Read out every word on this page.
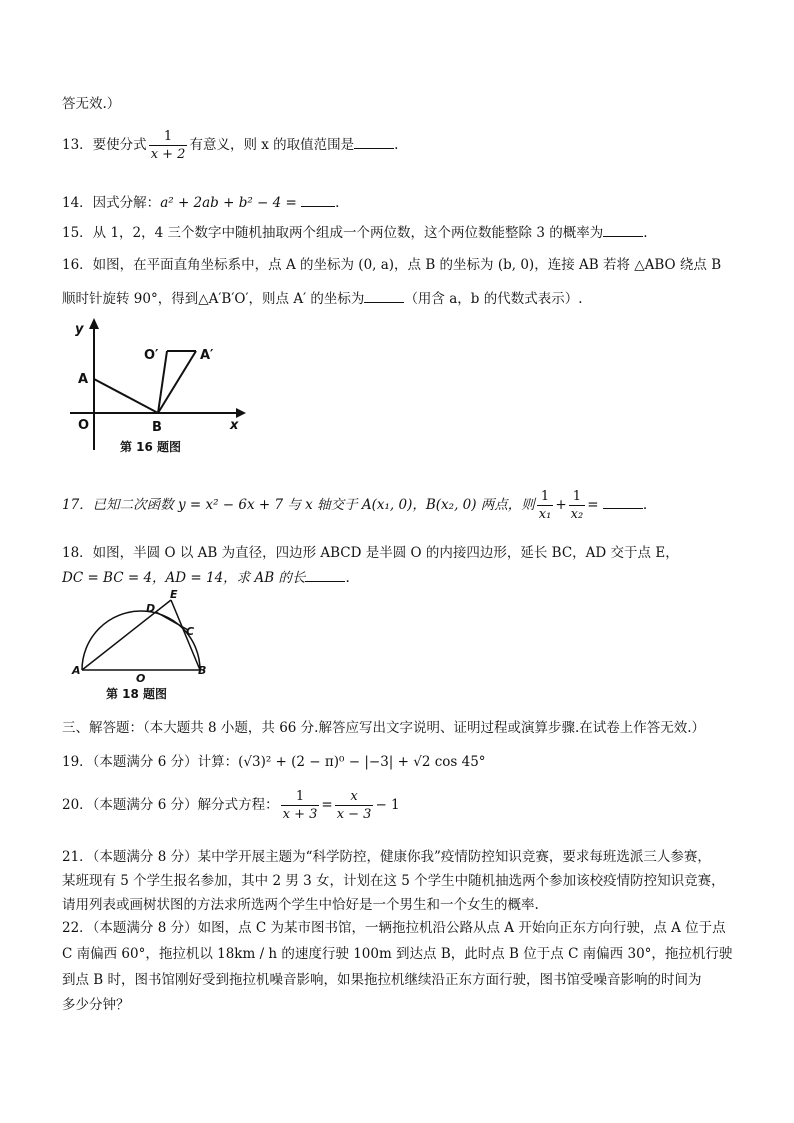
答无效.）
13．要使分式 $\frac{1}{x + 2}$ 有意义，则 x 的取值范围是	.
14．因式分解：a² + 2ab + b² − 4 =	.
15．从 1，2，4 三个数字中随机抽取两个组成一个两位数，这个两位数能整除 3 的概率为	.
16．如图，在平面直角坐标系中，点 A 的坐标为 (0, a)，点 B 的坐标为 (b, 0)，连接 AB 若将 △ABO 绕点 B
顺时针旋转 90°，得到△A′B′O′，则点 A′ 的坐标为	（用含 a，b 的代数式表示）.
y
x
A
O	B
O′	A′
第 16 题图
17．已知二次函数 y = x² − 6x + 7 与 x 轴交于 A(x₁, 0)，B(x₂, 0) 两点，则 $\frac{1}{\text{x₁}} + \frac{1}{\text{x₂}}$ =	.
18．如图，半圆 O 以 AB 为直径，四边形 ABCD 是半圆 O 的内接四边形，延长 BC，AD 交于点 E，
DC = BC = 4，AD = 14，求 AB 的长	.
A
O
B
C
D
E
第 18 题图
三、解答题：（本大题共 8 小题，共 66 分.解答应写出文字说明、证明过程或演算步骤.在试卷上作答无效.）
19．（本题满分 6 分）计算：(√3)² + (2 − π)⁰ − |−3| + √2 cos 45°
20．（本题满分 6 分）解分式方程： $\frac{1}{x + 3} = \frac{x}{x - 3} - 1$
21．（本题满分 8 分）某中学开展主题为“科学防控，健康你我”疫情防控知识竞赛，要求每班选派三人参赛，
某班现有 5 个学生报名参加，其中 2 男 3 女，计划在这 5 个学生中随机抽选两个参加该校疫情防控知识竞赛，
请用列表或画树状图的方法求所选两个学生中恰好是一个男生和一个女生的概率.
22．（本题满分 8 分）如图，点 C 为某市图书馆，一辆拖拉机沿公路从点 A 开始向正东方向行驶，点 A 位于点
C 南偏西 60°，拖拉机以 18km / h 的速度行驶 100m 到达点 B，此时点 B 位于点 C 南偏西 30°，拖拉机行驶
到点 B 时，图书馆刚好受到拖拉机噪音影响，如果拖拉机继续沿正东方面行驶，图书馆受噪音影响的时间为
多少分钟？
